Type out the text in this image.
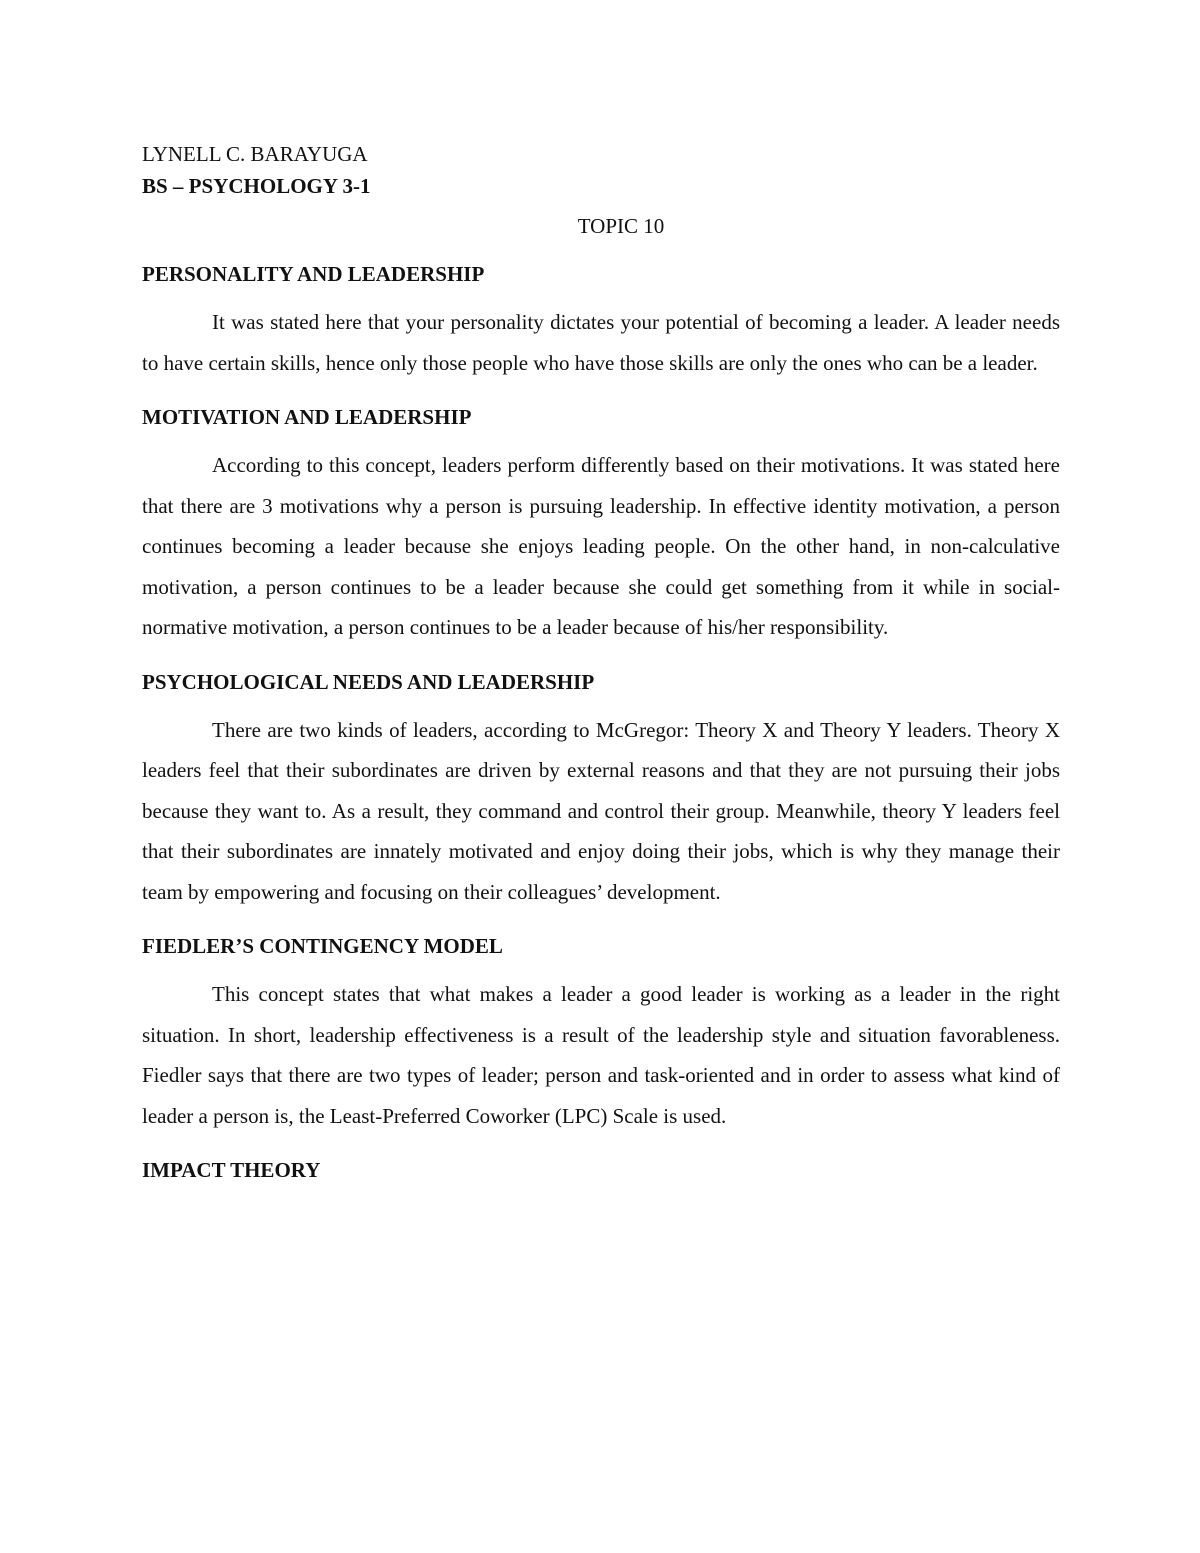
LYNELL C. BARAYUGA

BS – PSYCHOLOGY 3-1

TOPIC 10

PERSONALITY AND LEADERSHIP

It was stated here that your personality dictates your potential of becoming a leader. A leader needs to have certain skills, hence only those people who have those skills are only the ones who can be a leader.

MOTIVATION AND LEADERSHIP

According to this concept, leaders perform differently based on their motivations. It was stated here that there are 3 motivations why a person is pursuing leadership. In effective identity motivation, a person continues becoming a leader because she enjoys leading people. On the other hand, in non-calculative motivation, a person continues to be a leader because she could get something from it while in social-normative motivation, a person continues to be a leader because of his/her responsibility.

PSYCHOLOGICAL NEEDS AND LEADERSHIP

There are two kinds of leaders, according to McGregor: Theory X and Theory Y leaders. Theory X leaders feel that their subordinates are driven by external reasons and that they are not pursuing their jobs because they want to. As a result, they command and control their group. Meanwhile, theory Y leaders feel that their subordinates are innately motivated and enjoy doing their jobs, which is why they manage their team by empowering and focusing on their colleagues’ development.

FIEDLER’S CONTINGENCY MODEL

This concept states that what makes a leader a good leader is working as a leader in the right situation. In short, leadership effectiveness is a result of the leadership style and situation favorableness. Fiedler says that there are two types of leader; person and task-oriented and in order to assess what kind of leader a person is, the Least-Preferred Coworker (LPC) Scale is used.

IMPACT THEORY
